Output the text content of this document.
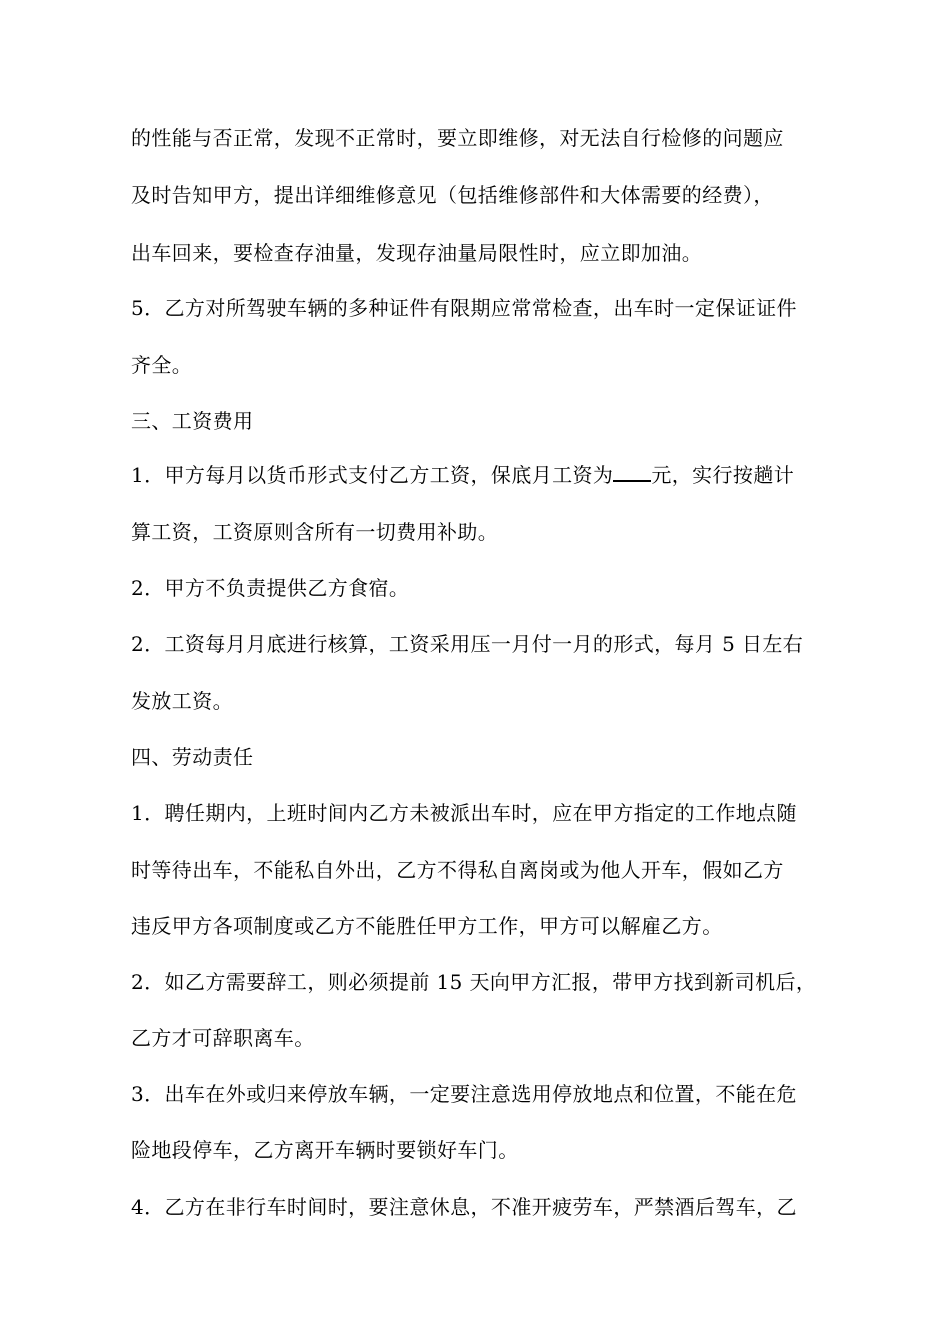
的性能与否正常，发现不正常时，要立即维修，对无法自行检修的问题应
及时告知甲方，提出详细维修意见（包括维修部件和大体需要的经费），
出车回来，要检查存油量，发现存油量局限性时，应立即加油。
5．乙方对所驾驶车辆的多种证件有限期应常常检查，出车时一定保证证件
齐全。
三、工资费用
1．甲方每月以货币形式支付乙方工资，保底月工资为 元，实行按趟计
算工资，工资原则含所有一切费用补助。
2．甲方不负责提供乙方食宿。
2．工资每月月底进行核算，工资采用压一月付一月的形式，每月 5 日左右
发放工资。
四、劳动责任
1．聘任期内，上班时间内乙方未被派出车时，应在甲方指定的工作地点随
时等待出车，不能私自外出，乙方不得私自离岗或为他人开车，假如乙方
违反甲方各项制度或乙方不能胜任甲方工作，甲方可以解雇乙方。
2．如乙方需要辞工，则必须提前 15 天向甲方汇报，带甲方找到新司机后，
乙方才可辞职离车。
3．出车在外或归来停放车辆，一定要注意选用停放地点和位置，不能在危
险地段停车，乙方离开车辆时要锁好车门。
4．乙方在非行车时间时，要注意休息，不准开疲劳车，严禁酒后驾车，乙
